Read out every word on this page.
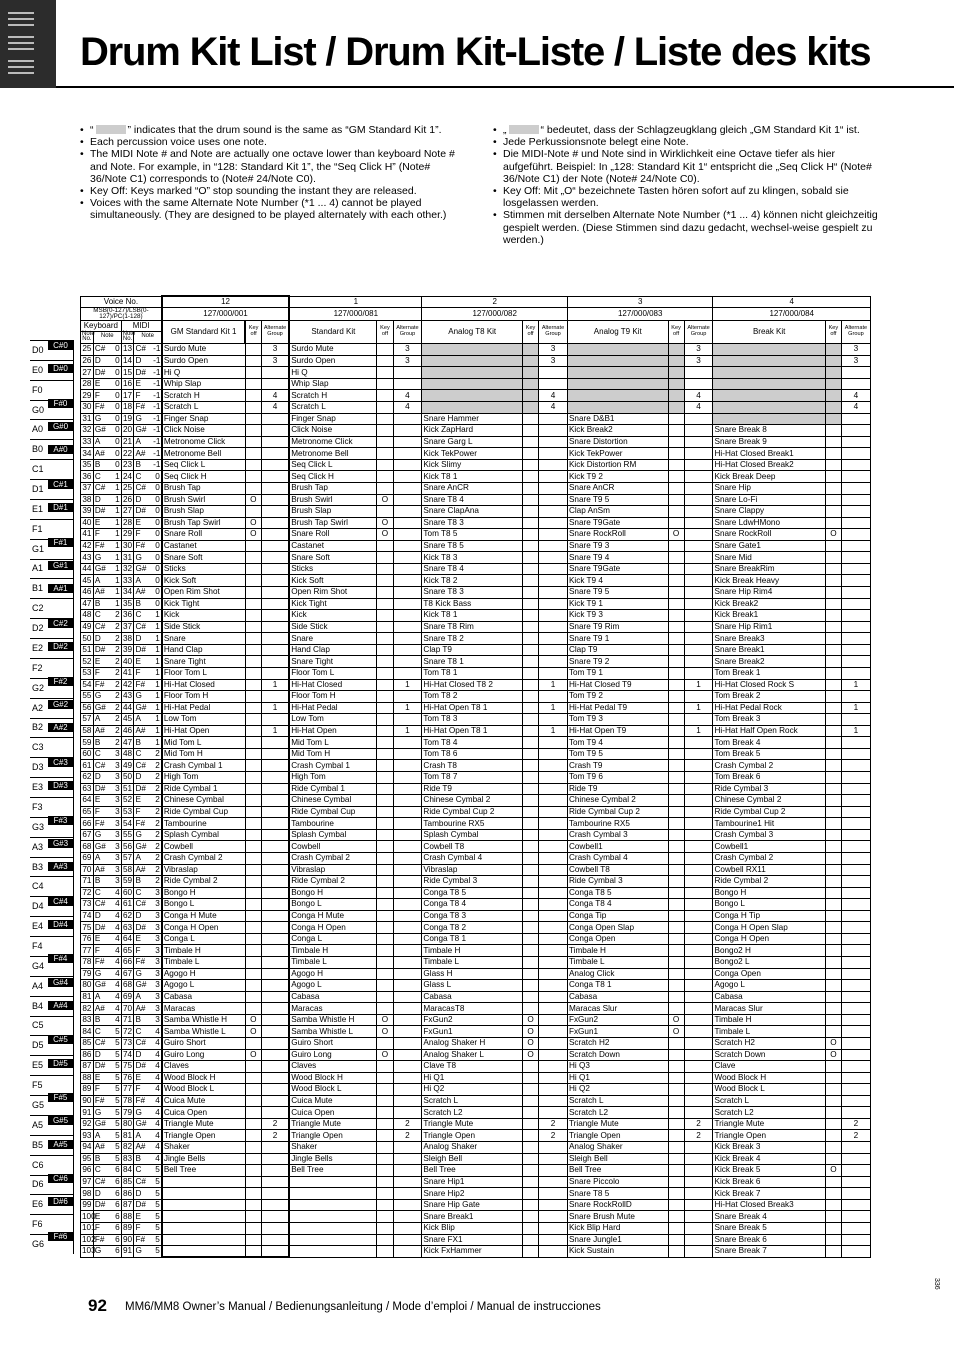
Drum Kit List / Drum Kit-Liste / Liste des kits
• “	” indicates that the drum sound is the same as “GM Standard Kit 1”.
• Each percussion voice uses one note.
• The MIDI Note # and Note are actually one octave lower than keyboard Note # and Note. For example, in “128: Standard Kit 1”, the “Seq Click H” (Note# 36/Note C1) corresponds to (Note# 24/Note C0).
• Key Off: Keys marked “O” stop sounding the instant they are released.
• Voices with the same Alternate Note Number (*1 ... 4) cannot be played simultaneously. (They are designed to be played alternately with each other.)
• „	“ bedeutet, dass der Schlagzeugklang gleich „GM Standard Kit 1“ ist.
• Jede Perkussionsnote belegt eine Note.
• Die MIDI-Note # und Note sind in Wirklichkeit eine Octave tiefer als hier aufgeführt. Beispiel: In „128: Standard Kit 1“ entspricht die „Seq Click H“ (Note# 36/Note C1) der Note (Note# 24/Note C0).
• Key Off: Mit „O“ bezeichnete Tasten hören sofort auf zu klingen, sobald sie losgelassen werden.
• Stimmen mit derselben Alternate Note Number (*1 ... 4) können nicht gleichzeitig gespielt werden. (Diese Stimmen sind dazu gedacht, wechsel-weise gespielt zu werden.)
D0
E0
F0
G0
A0
B0
C1
D1
E1
F1
G1
A1
B1
C2
D2
E2
F2
G2
A2
B2
C3
D3
E3
F3
G3
A3
B3
C4
D4
E4
F4
G4
A4
B4
C5
D5
E5
F5
G5
A5
B5
C6
D6
E6
F6
G6
C#0
D#0
F#0
G#0
A#0
C#1
D#1
F#1
G#1
A#1
C#2
D#2
F#2
G#2
A#2
C#3
D#3
F#3
G#3
A#3
C#4
D#4
F#4
G#4
A#4
C#5
D#5
F#5
G#5
A#5
C#6
D#6
F#6
Voice No.						12			1			2			3			4		
MSB(0-127)/LSB(0-127)/PC(1-128)						127/000/001			127/000/081			127/000/082			127/000/083			127/000/084		
Keyboard			MIDI			GM Standard Kit 1	Key off	Alternate Group	Standard Kit	Key off	Alternate Group	Analog T8 Kit	Key off	Alternate Group	Analog T9 Kit	Key off	Alternate Group	Break Kit	Key off	Alternate Group
Note No.	Note		Note No.	Note																
25	C#	0	13	C#	-1	Surdo Mute		3	Surdo Mute		3			3			3			3
26	D	0	14	D	-1	Surdo Open		3	Surdo Open		3			3			3			3
27	D#	0	15	D#	-1	Hi Q			Hi Q											
28	E	0	16	E	-1	Whip Slap			Whip Slap											
29	F	0	17	F	-1	Scratch H		4	Scratch H		4			4			4			4
30	F#	0	18	F#	-1	Scratch L		4	Scratch L		4			4			4			4
31	G	0	19	G	-1	Finger Snap			Finger Snap			Snare Hammer			Snare D&B1					
32	G#	0	20	G#	-1	Click Noise			Click Noise			Kick ZapHard			Kick Break2			Snare Break 8		
33	A	0	21	A	-1	Metronome Click			Metronome Click			Snare Garg L			Snare Distortion			Snare Break 9		
34	A#	0	22	A#	-1	Metronome Bell			Metronome Bell			Kick TekPower			Kick TekPower			Hi-Hat Closed Break1		
35	B	0	23	B	-1	Seq Click L			Seq Click L			Kick Slimy			Kick Distortion RM			Hi-Hat Closed Break2		
36	C	1	24	C	0	Seq Click H			Seq Click H			Kick T8 1			Kick T9 2			Kick Break Deep		
37	C#	1	25	C#	0	Brush Tap			Brush Tap			Snare AnCR			Snare AnCR			Snare Hip		
38	D	1	26	D	0	Brush Swirl	O		Brush Swirl	O		Snare T8 4			Snare T9 5			Snare Lo-Fi		
39	D#	1	27	D#	0	Brush Slap			Brush Slap			Snare ClapAna			Clap AnSm			Snare Clappy		
40	E	1	28	E	0	Brush Tap Swirl	O		Brush Tap Swirl	O		Snare T8 3			Snare T9Gate			Snare LdwHMono		
41	F	1	29	F	0	Snare Roll	O		Snare Roll	O		Tom T8 5			Snare RockRoll	O		Snare RockRoll	O	
42	F#	1	30	F#	0	Castanet			Castanet			Snare T8 5			Snare T9 3			Snare Gate1		
43	G	1	31	G	0	Snare Soft			Snare Soft			Kick T8 3			Snare T9 4			Snare Mid		
44	G#	1	32	G#	0	Sticks			Sticks			Snare T8 4			Snare T9Gate			Snare BreakRim		
45	A	1	33	A	0	Kick Soft			Kick Soft			Kick T8 2			Kick T9 4			Kick Break Heavy		
46	A#	1	34	A#	0	Open Rim Shot			Open Rim Shot			Snare T8 3			Snare T9 5			Snare Hip Rim4		
47	B	1	35	B	0	Kick Tight			Kick Tight			T8 Kick Bass			Kick T9 1			Kick Break2		
48	C	2	36	C	1	Kick			Kick			Kick T8 1			Kick T9 3			Kick Break1		
49	C#	2	37	C#	1	Side Stick			Side Stick			Snare T8 Rim			Snare T9 Rim			Snare Hip Rim1		
50	D	2	38	D	1	Snare			Snare			Snare T8 2			Snare T9 1			Snare Break3		
51	D#	2	39	D#	1	Hand Clap			Hand Clap			Clap T9			Clap T9			Snare Break1		
52	E	2	40	E	1	Snare Tight			Snare Tight			Snare T8 1			Snare T9 2			Snare Break2		
53	F	2	41	F	1	Floor Tom L			Floor Tom L			Tom T8 1			Tom T9 1			Tom Break 1		
54	F#	2	42	F#	1	Hi-Hat Closed		1	Hi-Hat Closed		1	Hi-Hat Closed T8 2		1	Hi-Hat Closed T9		1	Hi-Hat Closed Rock S		1
55	G	2	43	G	1	Floor Tom H			Floor Tom H			Tom T8 2			Tom T9 2			Tom Break 2		
56	G#	2	44	G#	1	Hi-Hat Pedal		1	Hi-Hat Pedal		1	Hi-Hat Open T8 1		1	Hi-Hat Pedal T9		1	Hi-Hat Pedal Rock		1
57	A	2	45	A	1	Low Tom			Low Tom			Tom T8 3			Tom T9 3			Tom Break 3		
58	A#	2	46	A#	1	Hi-Hat Open		1	Hi-Hat Open		1	Hi-Hat Open T8 1		1	Hi-Hat Open T9		1	Hi-Hat Half Open Rock		1
59	B	2	47	B	1	Mid Tom L			Mid Tom L			Tom T8 4			Tom T9 4			Tom Break 4		
60	C	3	48	C	2	Mid Tom H			Mid Tom H			Tom T8 6			Tom T9 5			Tom Break 5		
61	C#	3	49	C#	2	Crash Cymbal 1			Crash Cymbal 1			Crash T8			Crash T9			Crash Cymbal 2		
62	D	3	50	D	2	High Tom			High Tom			Tom T8 7			Tom T9 6			Tom Break 6		
63	D#	3	51	D#	2	Ride Cymbal 1			Ride Cymbal 1			Ride T9			Ride T9			Ride Cymbal 3		
64	E	3	52	E	2	Chinese Cymbal			Chinese Cymbal			Chinese Cymbal 2			Chinese Cymbal 2			Chinese Cymbal 2		
65	F	3	53	F	2	Ride Cymbal Cup			Ride Cymbal Cup			Ride Cymbal Cup 2			Ride Cymbal Cup 2			Ride Cymbal Cup 2		
66	F#	3	54	F#	2	Tambourine			Tambourine			Tambourine RX5			Tambourine RX5			Tambourine1 Hit		
67	G	3	55	G	2	Splash Cymbal			Splash Cymbal			Splash Cymbal			Crash Cymbal 3			Crash Cymbal 3		
68	G#	3	56	G#	2	Cowbell			Cowbell			Cowbell T8			Cowbell1			Cowbell1		
69	A	3	57	A	2	Crash Cymbal 2			Crash Cymbal 2			Crash Cymbal 4			Crash Cymbal 4			Crash Cymbal 2		
70	A#	3	58	A#	2	Vibraslap			Vibraslap			Vibraslap			Cowbell T8			Cowbell RX11		
71	B	3	59	B	2	Ride Cymbal 2			Ride Cymbal 2			Ride Cymbal 3			Ride Cymbal 3			Ride Cymbal 2		
72	C	4	60	C	3	Bongo H			Bongo H			Conga T8 5			Conga T8 5			Bongo H		
73	C#	4	61	C#	3	Bongo L			Bongo L			Conga T8 4			Conga T8 4			Bongo L		
74	D	4	62	D	3	Conga H Mute			Conga H Mute			Conga T8 3			Conga Tip			Conga H Tip		
75	D#	4	63	D#	3	Conga H Open			Conga H Open			Conga T8 2			Conga Open Slap			Conga H Open Slap		
76	E	4	64	E	3	Conga L			Conga L			Conga T8 1			Conga Open			Conga H Open		
77	F	4	65	F	3	Timbale H			Timbale H			Timbale H			Timbale H			Bongo2 H		
78	F#	4	66	F#	3	Timbale L			Timbale L			Timbale L			Timbale L			Bongo2 L		
79	G	4	67	G	3	Agogo H			Agogo H			Glass H			Analog Click			Conga Open		
80	G#	4	68	G#	3	Agogo L			Agogo L			Glass L			Conga T8 1			Agogo L		
81	A	4	69	A	3	Cabasa			Cabasa			Cabasa			Cabasa			Cabasa		
82	A#	4	70	A#	3	Maracas			Maracas			MaracasT8			Maracas Slur			Maracas Slur		
83	B	4	71	B	3	Samba Whistle H	O		Samba Whistle H	O		FxGun2	O		FxGun2	O		Timbale H		
84	C	5	72	C	4	Samba Whistle L	O		Samba Whistle L	O		FxGun1	O		FxGun1	O		Timbale L		
85	C#	5	73	C#	4	Guiro Short			Guiro Short			Analog Shaker H	O		Scratch H2			Scratch H2	O	
86	D	5	74	D	4	Guiro Long	O		Guiro Long	O		Analog Shaker L	O		Scratch Down			Scratch Down	O	
87	D#	5	75	D#	4	Claves			Claves			Clave T8			Hi Q3			Clave		
88	E	5	76	E	4	Wood Block H			Wood Block H			Hi Q1			Hi Q1			Wood Block H		
89	F	5	77	F	4	Wood Block L			Wood Block L			Hi Q2			Hi Q2			Wood Block L		
90	F#	5	78	F#	4	Cuica Mute			Cuica Mute			Scratch L			Scratch L			Scratch L		
91	G	5	79	G	4	Cuica Open			Cuica Open			Scratch L2			Scratch L2			Scratch L2		
92	G#	5	80	G#	4	Triangle Mute		2	Triangle Mute		2	Triangle Mute		2	Triangle Mute		2	Triangle Mute		2
93	A	5	81	A	4	Triangle Open		2	Triangle Open		2	Triangle Open		2	Triangle Open		2	Triangle Open		2
94	A#	5	82	A#	4	Shaker			Shaker			Analog Shaker			Analog Shaker			Kick Break 3		
95	B	5	83	B	4	Jingle Bells			Jingle Bells			Sleigh Bell			Sleigh Bell			Kick Break 4		
96	C	6	84	C	5	Bell Tree			Bell Tree			Bell Tree			Bell Tree			Kick Break 5	O	
97	C#	6	85	C#	5							Snare Hip1			Snare Piccolo			Kick Break 6		
98	D	6	86	D	5							Snare Hip2			Snare T8 5			Kick Break 7		
99	D#	6	87	D#	5							Snare Hip Gate			Snare RockRollD			Hi-Hat Closed Break3		
100	E	6	88	E	5							Snare Break1			Snare Brush Mute			Snare Break 4		
101	F	6	89	F	5							Kick Blip			Kick Blip Hard			Snare Break 5		
102	F#	6	90	F#	5							Snare FX1			Snare Jungle1			Snare Break 6		
103	G	6	91	G	5							Kick FxHammer			Kick Sustain			Snare Break 7		
92 MM6/MM8 Owner’s Manual / Bedienungsanleitung / Mode d’emploi / Manual de instrucciones
336
